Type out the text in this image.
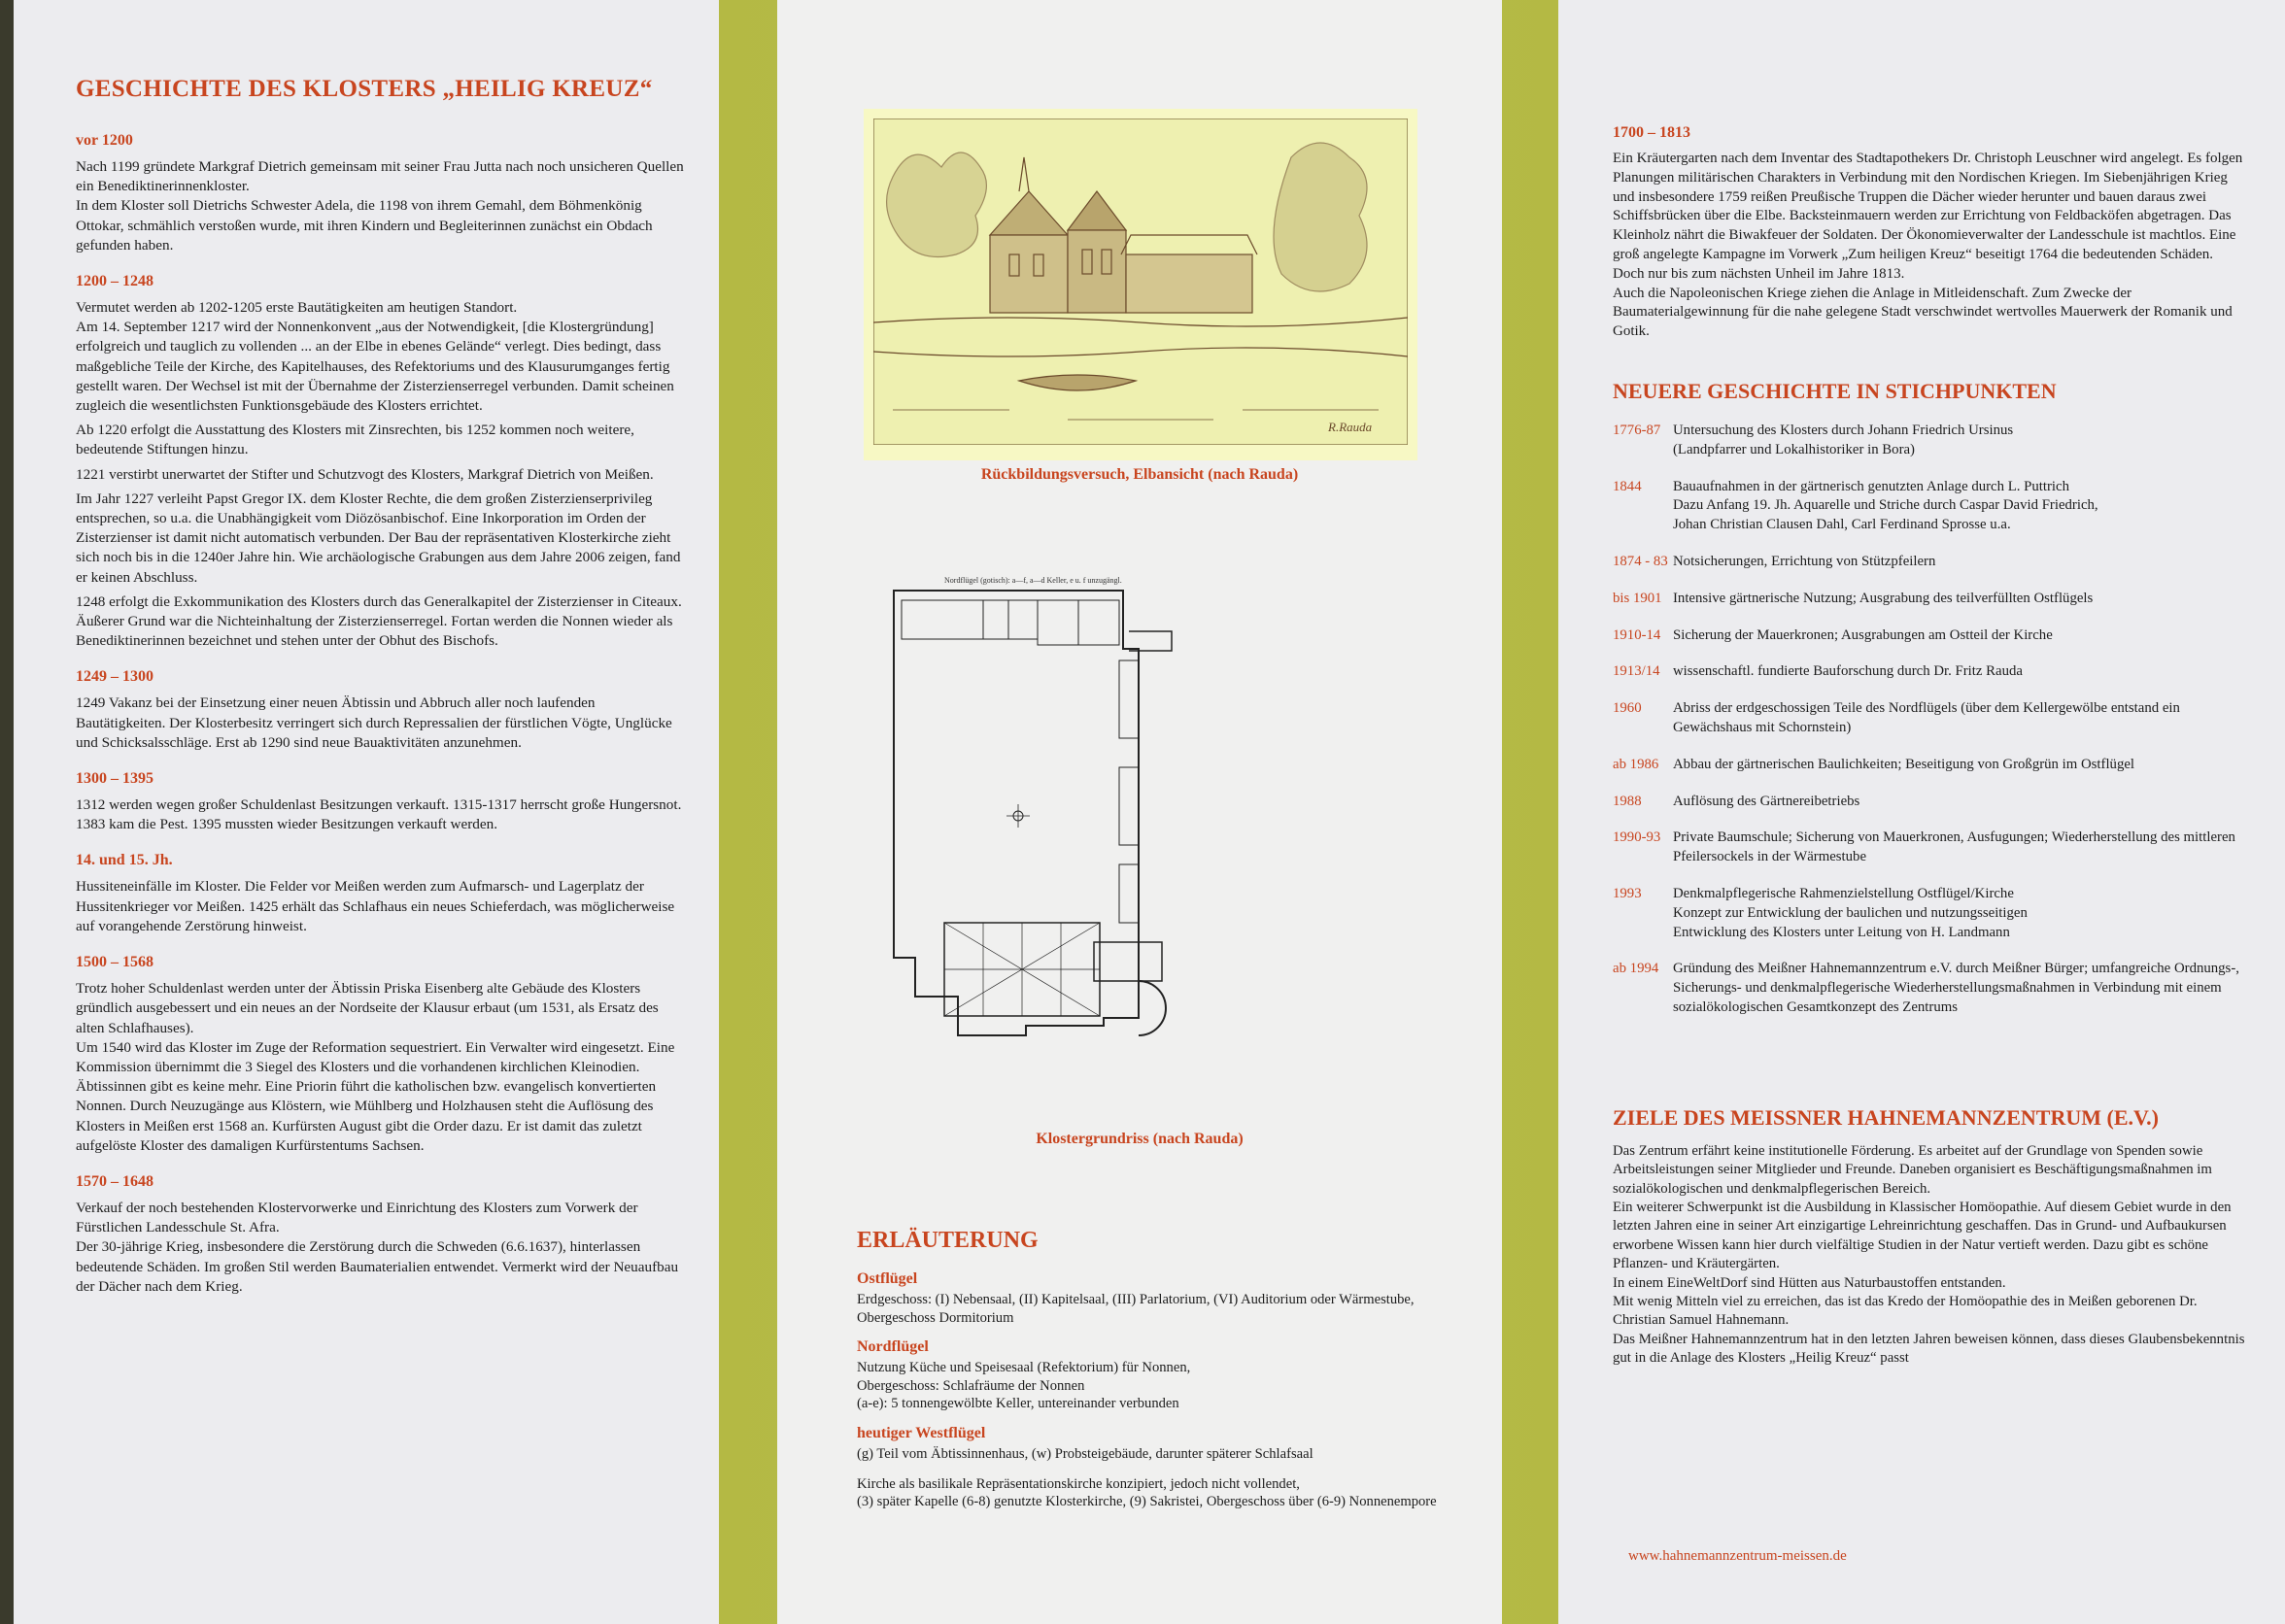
GESCHICHTE DES KLOSTERS „HEILIG KREUZ“
vor 1200

Nach 1199 gründete Markgraf Dietrich gemeinsam mit seiner Frau Jutta nach noch unsicheren Quellen ein Benediktinerinnenkloster.
In dem Kloster soll Dietrichs Schwester Adela, die 1198 von ihrem Gemahl, dem Böhmenkönig Ottokar, schmählich verstoßen wurde, mit ihren Kindern und Begleiterinnen zunächst ein Obdach gefunden haben.

1200 – 1248

Vermutet werden ab 1202-1205 erste Bautätigkeiten am heutigen Standort.
Am 14. September 1217 wird der Nonnenkonvent „aus der Notwendigkeit, [die Klostergründung] erfolgreich und tauglich zu vollenden ... an der Elbe in ebenes Gelände“ verlegt. Dies bedingt, dass maßgebliche Teile der Kirche, des Kapitelhauses, des Refektoriums und des Klausurumganges fertig gestellt waren. Der Wechsel ist mit der Übernahme der Zisterzienserregel verbunden. Damit scheinen zugleich die wesentlichsten Funktionsgebäude des Klosters errichtet.

Ab 1220 erfolgt die Ausstattung des Klosters mit Zinsrechten, bis 1252 kommen noch weitere, bedeutende Stiftungen hinzu.

1221 verstirbt unerwartet der Stifter und Schutzvogt des Klosters, Markgraf Dietrich von Meißen.

Im Jahr 1227 verleiht Papst Gregor IX. dem Kloster Rechte, die dem großen Zisterzienserprivileg entsprechen, so u.a. die Unabhängigkeit vom Diözösanbischof. Eine Inkorporation im Orden der Zisterzienser ist damit nicht automatisch verbunden. Der Bau der repräsentativen Klosterkirche zieht sich noch bis in die 1240er Jahre hin. Wie archäologische Grabungen aus dem Jahre 2006 zeigen, fand er keinen Abschluss.

1248 erfolgt die Exkommunikation des Klosters durch das Generalkapitel der Zisterzienser in Citeaux. Äußerer Grund war die Nichteinhaltung der Zisterzienserregel. Fortan werden die Nonnen wieder als Benediktinerinnen bezeichnet und stehen unter der Obhut des Bischofs.

1249 – 1300

1249 Vakanz bei der Einsetzung einer neuen Äbtissin und Abbruch aller noch laufenden Bautätigkeiten. Der Klosterbesitz verringert sich durch Repressalien der fürstlichen Vögte, Unglücke und Schicksalsschläge. Erst ab 1290 sind neue Bauaktivitäten anzunehmen.

1300 – 1395

1312 werden wegen großer Schuldenlast Besitzungen verkauft. 1315-1317 herrscht große Hungersnot. 1383 kam die Pest. 1395 mussten wieder Besitzungen verkauft werden.

14. und 15. Jh.

Hussiteneinfälle im Kloster. Die Felder vor Meißen werden zum Aufmarsch- und Lagerplatz der Hussitenkrieger vor Meißen. 1425 erhält das Schlafhaus ein neues Schieferdach, was möglicherweise auf vorangehende Zerstörung hinweist.

1500 – 1568

Trotz hoher Schuldenlast werden unter der Äbtissin Priska Eisenberg alte Gebäude des Klosters gründlich ausgebessert und ein neues an der Nordseite der Klausur erbaut (um 1531, als Ersatz des alten Schlafhauses).
Um 1540 wird das Kloster im Zuge der Reformation sequestriert. Ein Verwalter wird eingesetzt. Eine Kommission übernimmt die 3 Siegel des Klosters und die vorhandenen kirchlichen Kleinodien. Äbtissinnen gibt es keine mehr. Eine Priorin führt die katholischen bzw. evangelisch konvertierten Nonnen. Durch Neuzugänge aus Klöstern, wie Mühlberg und Holzhausen steht die Auflösung des Klosters in Meißen erst 1568 an. Kurfürsten August gibt die Order dazu. Er ist damit das zuletzt aufgelöste Kloster des damaligen Kurfürstentums Sachsen.

1570 – 1648

Verkauf der noch bestehenden Klostervorwerke und Einrichtung des Klosters zum Vorwerk der Fürstlichen Landesschule St. Afra.
Der 30-jährige Krieg, insbesondere die Zerstörung durch die Schweden (6.6.1637), hinterlassen bedeutende Schäden. Im großen Stil werden Baumaterialien entwendet. Vermerkt wird der Neuaufbau der Dächer nach dem Krieg.

R.Rauda
Rückbildungsversuch, Elbansicht (nach Rauda)
Nordflügel (gotisch): a—f, a—d Keller, e u. f unzugängl.
Klostergrundriss (nach Rauda)
ERLÄUTERUNG
Ostflügel
Erdgeschoss: (I) Nebensaal, (II) Kapitelsaal, (III) Parlatorium, (VI) Auditorium oder Wärmestube, Obergeschoss Dormitorium
Nordflügel
Nutzung Küche und Speisesaal (Refektorium) für Nonnen,
Obergeschoss: Schlafräume der Nonnen
(a-e): 5 tonnengewölbte Keller, untereinander verbunden
heutiger Westflügel
(g) Teil vom Äbtissinnenhaus, (w) Probsteigebäude, darunter späterer Schlafsaal
Kirche als basilikale Repräsentationskirche konzipiert, jedoch nicht vollendet,
(3) später Kapelle (6-8) genutzte Klosterkirche, (9) Sakristei, Obergeschoss über (6-9) Nonnenempore
1700 – 1813

Ein Kräutergarten nach dem Inventar des Stadtapothekers Dr. Christoph Leuschner wird angelegt. Es folgen Planungen militärischen Charakters in Verbindung mit den Nordischen Kriegen. Im Siebenjährigen Krieg und insbesondere 1759 reißen Preußische Truppen die Dächer wieder herunter und bauen daraus zwei Schiffsbrücken über die Elbe. Backsteinmauern werden zur Errichtung von Feldbacköfen abgetragen. Das Kleinholz nährt die Biwakfeuer der Soldaten. Der Ökonomieverwalter der Landesschule ist machtlos. Eine groß angelegte Kampagne im Vorwerk „Zum heiligen Kreuz“ beseitigt 1764 die bedeutenden Schäden. Doch nur bis zum nächsten Unheil im Jahre 1813.
Auch die Napoleonischen Kriege ziehen die Anlage in Mitleidenschaft. Zum Zwecke der Baumaterialgewinnung für die nahe gelegene Stadt verschwindet wertvolles Mauerwerk der Romanik und Gotik.

NEUERE GESCHICHTE IN STICHPUNKTEN
1776-87 Untersuchung des Klosters durch Johann Friedrich Ursinus
(Landpfarrer und Lokalhistoriker in Bora)
1844	Bauaufnahmen in der gärtnerisch genutzten Anlage durch L. Puttrich
Dazu Anfang 19. Jh. Aquarelle und Striche durch Caspar David Friedrich,
Johan Christian Clausen Dahl, Carl Ferdinand Sprosse u.a.
1874 - 83 Notsicherungen, Errichtung von Stützpfeilern
bis 1901 Intensive gärtnerische Nutzung; Ausgrabung des teilverfüllten Ostflügels
1910-14 Sicherung der Mauerkronen; Ausgrabungen am Ostteil der Kirche
1913/14 wissenschaftl. fundierte Bauforschung durch Dr. Fritz Rauda
1960	Abriss der erdgeschossigen Teile des Nordflügels (über dem Kellergewölbe entstand ein Gewächshaus mit Schornstein)
ab 1986 Abbau der gärtnerischen Baulichkeiten; Beseitigung von Großgrün im Ostflügel
1988	Auflösung des Gärtnereibetriebs
1990-93 Private Baumschule; Sicherung von Mauerkronen, Ausfugungen; Wiederherstellung des mittleren Pfeilersockels in der Wärmestube
1993	Denkmalpflegerische Rahmenzielstellung Ostflügel/Kirche
Konzept zur Entwicklung der baulichen und nutzungsseitigen
Entwicklung des Klosters unter Leitung von H. Landmann
ab 1994 Gründung des Meißner Hahnemannzentrum e.V. durch Meißner Bürger; umfangreiche Ordnungs-, Sicherungs- und denkmalpflegerische Wiederherstellungsmaßnahmen in Verbindung mit einem sozialökologischen Gesamtkonzept des Zentrums
ZIELE DES MEISSNER HAHNEMANNZENTRUM (E.V.)
Das Zentrum erfährt keine institutionelle Förderung. Es arbeitet auf der Grundlage von Spenden sowie Arbeitsleistungen seiner Mitglieder und Freunde. Daneben organisiert es Beschäftigungsmaßnahmen im sozialökologischen und denkmalpflegerischen Bereich.
Ein weiterer Schwerpunkt ist die Ausbildung in Klassischer Homöopathie. Auf diesem Gebiet wurde in den letzten Jahren eine in seiner Art einzigartige Lehreinrichtung geschaffen. Das in Grund- und Aufbaukursen erworbene Wissen kann hier durch vielfältige Studien in der Natur vertieft werden. Dazu gibt es schöne Pflanzen- und Kräutergärten.
In einem EineWeltDorf sind Hütten aus Naturbaustoffen entstanden.
Mit wenig Mitteln viel zu erreichen, das ist das Kredo der Homöopathie des in Meißen geborenen Dr. Christian Samuel Hahnemann.
Das Meißner Hahnemannzentrum hat in den letzten Jahren beweisen können, dass dieses Glaubensbekenntnis gut in die Anlage des Klosters „Heilig Kreuz“ passt
www.hahnemannzentrum-meissen.de
